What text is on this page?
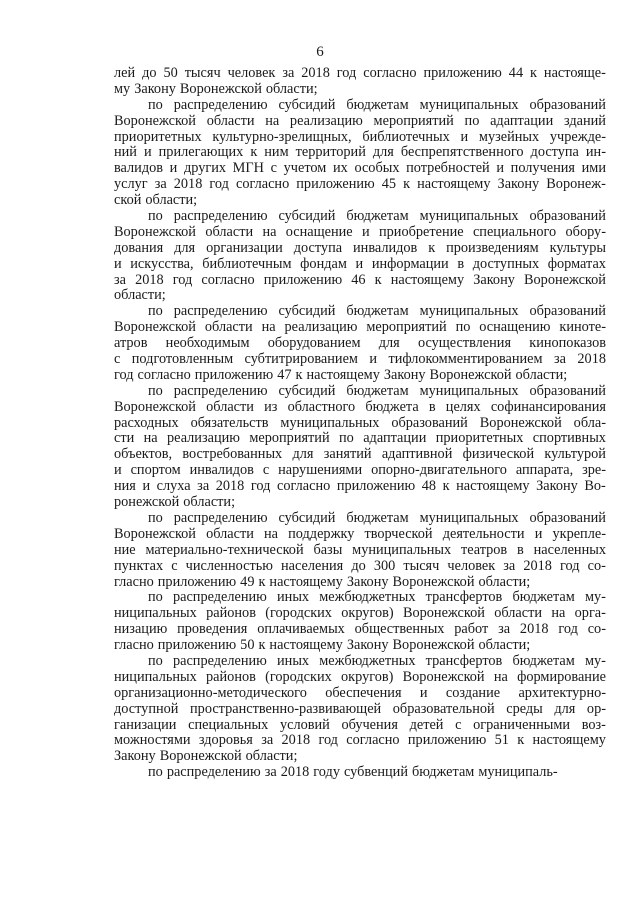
6
лей до 50 тысяч человек за 2018 год согласно приложению 44 к настояще-
му Закону Воронежской области;
по распределению субсидий бюджетам муниципальных образований
Воронежской области на реализацию мероприятий по адаптации зданий
приоритетных культурно-зрелищных, библиотечных и музейных учрежде-
ний и прилегающих к ним территорий для беспрепятственного доступа ин-
валидов и других МГН с учетом их особых потребностей и получения ими
услуг за 2018 год согласно приложению 45 к настоящему Закону Воронеж-
ской области;
по распределению субсидий бюджетам муниципальных образований
Воронежской области на оснащение и приобретение специального обору-
дования для организации доступа инвалидов к произведениям культуры
и искусства, библиотечным фондам и информации в доступных форматах
за 2018 год согласно приложению 46 к настоящему Закону Воронежской
области;
по распределению субсидий бюджетам муниципальных образований
Воронежской области на реализацию мероприятий по оснащению кинотe-
атров необходимым оборудованием для осуществления кинопоказов
с подготовленным субтитрированием и тифлокомментированием за 2018
год согласно приложению 47 к настоящему Закону Воронежской области;
по распределению субсидий бюджетам муниципальных образований
Воронежской области из областного бюджета в целях софинансирования
расходных обязательств муниципальных образований Воронежской обла-
сти на реализацию мероприятий по адаптации приоритетных спортивных
объектов, востребованных для занятий адаптивной физической культурой
и спортом инвалидов с нарушениями опорно-двигательного аппарата, зре-
ния и слуха за 2018 год согласно приложению 48 к настоящему Закону Во-
ронежской области;
по распределению субсидий бюджетам муниципальных образований
Воронежской области на поддержку творческой деятельности и укрепле-
ние материально-технической базы муниципальных театров в населенных
пунктах с численностью населения до 300 тысяч человек за 2018 год со-
гласно приложению 49 к настоящему Закону Воронежской области;
по распределению иных межбюджетных трансфертов бюджетам му-
ниципальных районов (городских округов) Воронежской области на орга-
низацию проведения оплачиваемых общественных работ за 2018 год со-
гласно приложению 50 к настоящему Закону Воронежской области;
по распределению иных межбюджетных трансфертов бюджетам му-
ниципальных районов (городских округов) Воронежской на формирование
организационно-методического обеспечения и создание архитектурно-
доступной пространственно-развивающей образовательной среды для ор-
ганизации специальных условий обучения детей с ограниченными воз-
можностями здоровья за 2018 год согласно приложению 51 к настоящему
Закону Воронежской области;
по распределению за 2018 году субвенций бюджетам муниципаль-
